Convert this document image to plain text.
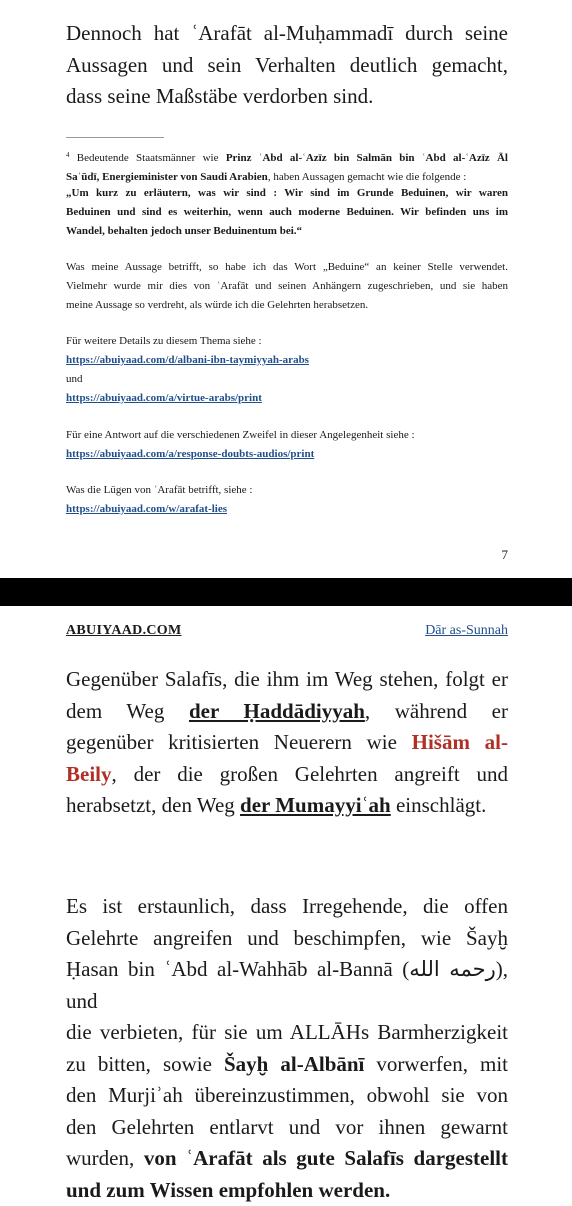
Dennoch hat ʿArafāt al-Muḥammadī durch seine
Aussagen und sein Verhalten deutlich gemacht,
dass seine Maßstäbe verdorben sind.
$^4$ Bedeutende Staatsmänner wie Prinz ʿAbd al-ʿAzīz bin Salmān bin ʿAbd al-ʿAzīz Āl
Saʿūdī, Energieminister von Saudi Arabien, haben Aussagen gemacht wie die folgende :
„Um kurz zu erläutern, was wir sind : Wir sind im Grunde Beduinen, wir waren
Beduinen und sind es weiterhin, wenn auch moderne Beduinen. Wir befinden uns im
Wandel, behalten jedoch unser Beduinentum bei.“
Was meine Aussage betrifft, so habe ich das Wort „Beduine“ an keiner Stelle verwendet.
Vielmehr wurde mir dies von ʿArafāt und seinen Anhängern zugeschrieben, und sie haben
meine Aussage so verdreht, als würde ich die Gelehrten herabsetzen.
Für weitere Details zu diesem Thema siehe :
https://abuiyaad.com/d/albani-ibn-taymiyyah-arabs
und
https://abuiyaad.com/a/virtue-arabs/print
Für eine Antwort auf die verschiedenen Zweifel in dieser Angelegenheit siehe :
https://abuiyaad.com/a/response-doubts-audios/print
Was die Lügen von ʿArafāt betrifft, siehe :
https://abuiyaad.com/w/arafat-lies
7
ABUIYAAD.COM	Dār as-Sunnah
Gegenüber Salafīs, die ihm im Weg stehen, folgt er
dem Weg der Ḥaddādiyyah, während er
gegenüber kritisierten Neuerern wie Hišām al-
Beily, der die großen Gelehrten angreift und
herabsetzt, den Weg der Mumayyiʿah einschlägt.
Es ist erstaunlich, dass Irregehende, die offen
Gelehrte angreifen und beschimpfen, wie Šayḫ
Ḥasan bin ʿAbd al-Wahhāb al-Bannā (رحمه الله), und
die verbieten, für sie um ALLĀHs Barmherzigkeit
zu bitten, sowie Šayḫ al-Albānī vorwerfen, mit
den Murjiʾah übereinzustimmen, obwohl sie von
den Gelehrten entlarvt und vor ihnen gewarnt
wurden, von ʿArafāt als gute Salafīs dargestellt
und zum Wissen empfohlen werden.
